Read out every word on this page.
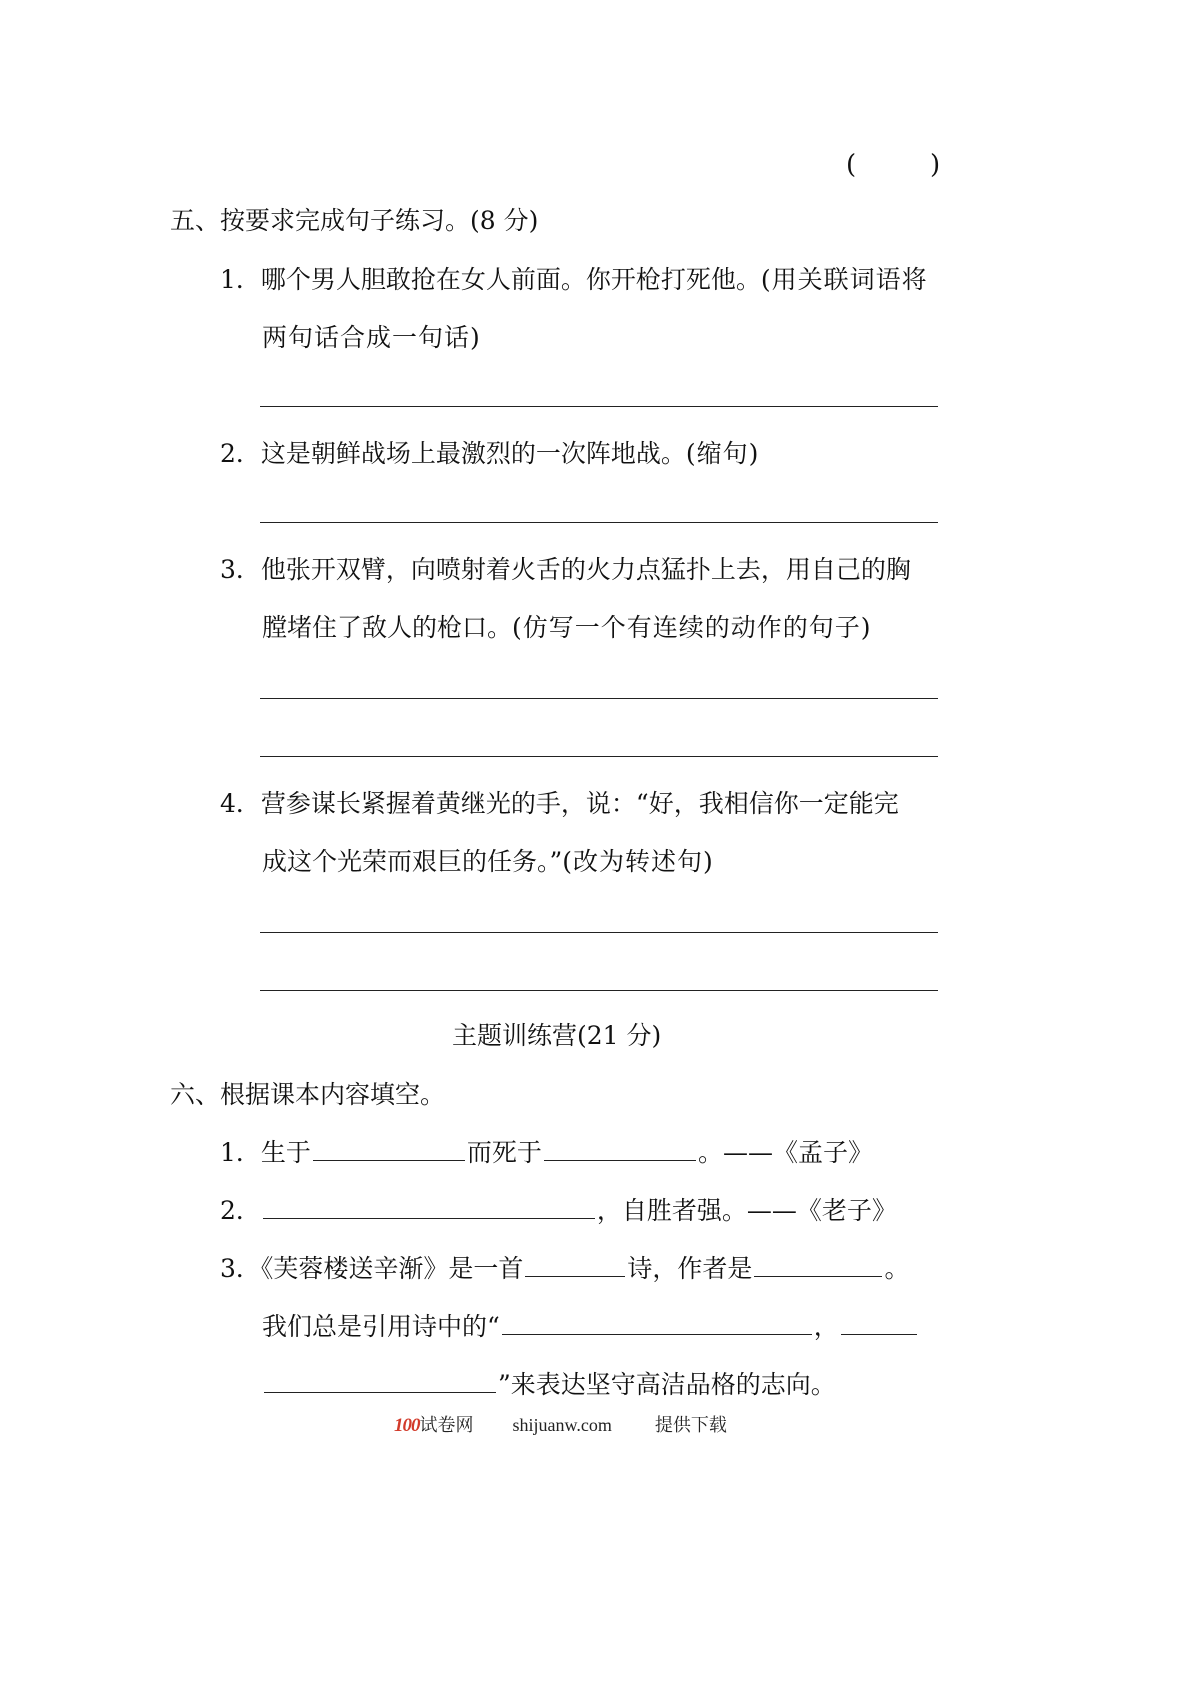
(	)
五、按要求完成句子练习。(8 分)
1．哪个男人胆敢抢在女人前面。你开枪打死他。(用关联词语将
两句话合成一句话)
2．这是朝鲜战场上最激烈的一次阵地战。(缩句)
3．他张开双臂，向喷射着火舌的火力点猛扑上去，用自己的胸
膛堵住了敌人的枪口。(仿写一个有连续的动作的句子)
4．营参谋长紧握着黄继光的手，说：“好，我相信你一定能完
成这个光荣而艰巨的任务。”(改为转述句)
主题训练营(21 分)
六、根据课本内容填空。
1．生于	而死于	。——《孟子》
2．	，自胜者强。——《老子》
3．《芙蓉楼送辛渐》是一首	诗，作者是	。
我们总是引用诗中的“	，
”来表达坚守高洁品格的志向。
100试卷网 shijuanw.com 提供下载
